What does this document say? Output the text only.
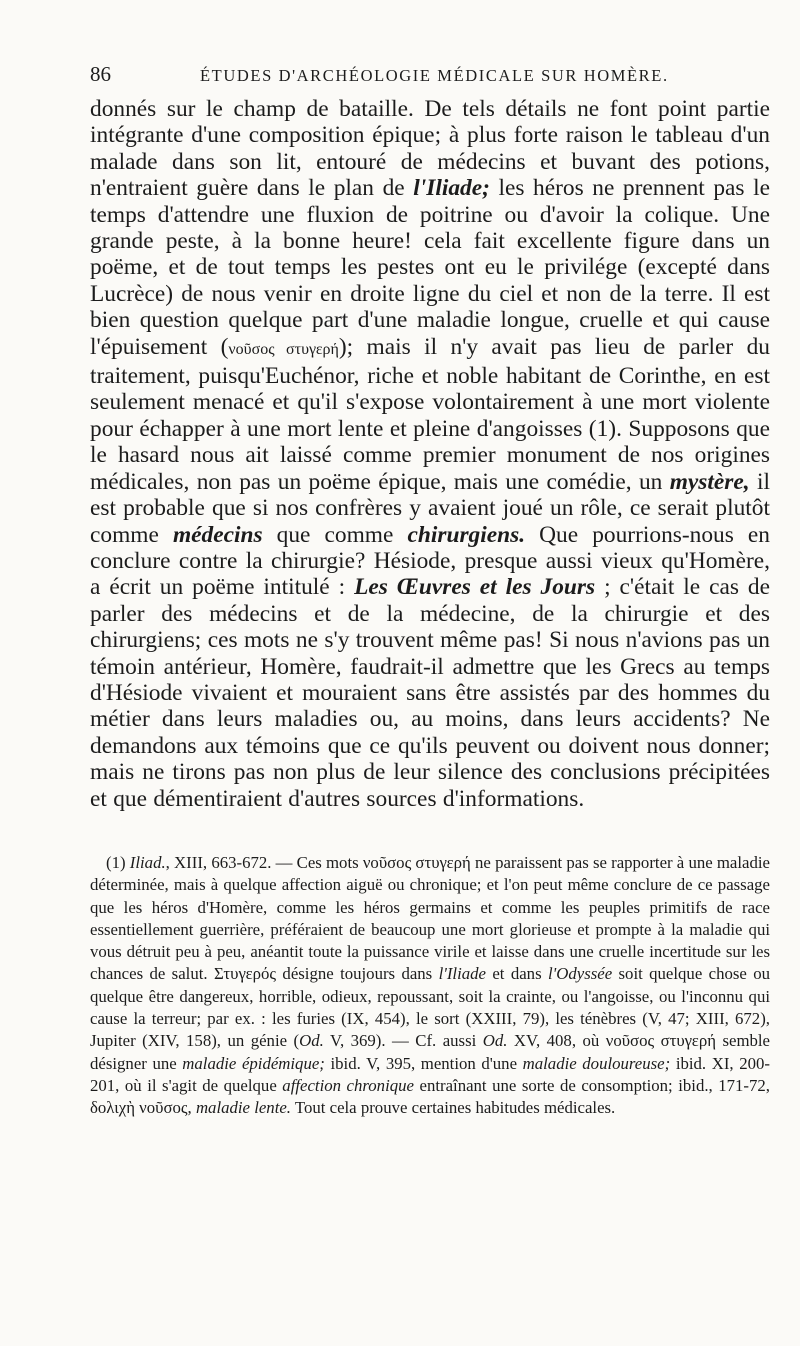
86	ÉTUDES D'ARCHÉOLOGIE MÉDICALE SUR HOMÈRE.

donnés sur le champ de bataille. De tels détails ne font point partie intégrante d'une composition épique; à plus forte raison le tableau d'un malade dans son lit, entouré de médecins et buvant des potions, n'entraient guère dans le plan de l'Iliade; les héros ne prennent pas le temps d'attendre une fluxion de poitrine ou d'avoir la colique. Une grande peste, à la bonne heure! cela fait excellente figure dans un poëme, et de tout temps les pestes ont eu le privilége (excepté dans Lucrèce) de nous venir en droite ligne du ciel et non de la terre. Il est bien question quelque part d'une maladie longue, cruelle et qui cause l'épuisement (νοῦσος στυγερή); mais il n'y avait pas lieu de parler du traitement, puisqu'Euchénor, riche et noble habitant de Corinthe, en est seulement menacé et qu'il s'expose volontairement à une mort violente pour échapper à une mort lente et pleine d'angoisses (1). Supposons que le hasard nous ait laissé comme premier monument de nos origines médicales, non pas un poëme épique, mais une comédie, un mystère, il est probable que si nos confrères y avaient joué un rôle, ce serait plutôt comme médecins que comme chirurgiens. Que pourrions-nous en conclure contre la chirurgie? Hésiode, presque aussi vieux qu'Homère, a écrit un poëme intitulé : Les Œuvres et les Jours ; c'était le cas de parler des médecins et de la médecine, de la chirurgie et des chirurgiens; ces mots ne s'y trouvent même pas! Si nous n'avions pas un témoin antérieur, Homère, faudrait-il admettre que les Grecs au temps d'Hésiode vivaient et mouraient sans être assistés par des hommes du métier dans leurs maladies ou, au moins, dans leurs accidents? Ne demandons aux témoins que ce qu'ils peuvent ou doivent nous donner; mais ne tirons pas non plus de leur silence des conclusions précipitées et que démentiraient d'autres sources d'informations.

(1) Iliad., XIII, 663-672. — Ces mots νοῦσος στυγερή ne paraissent pas se rapporter à une maladie déterminée, mais à quelque affection aiguë ou chronique; et l'on peut même conclure de ce passage que les héros d'Homère, comme les héros germains et comme les peuples primitifs de race essentiellement guerrière, préféraient de beaucoup une mort glorieuse et prompte à la maladie qui vous détruit peu à peu, anéantit toute la puissance virile et laisse dans une cruelle incertitude sur les chances de salut. Στυγερός désigne toujours dans l'Iliade et dans l'Odyssée soit quelque chose ou quelque être dangereux, horrible, odieux, repoussant, soit la crainte, ou l'angoisse, ou l'inconnu qui cause la terreur; par ex. : les furies (IX, 454), le sort (XXIII, 79), les ténèbres (V, 47; XIII, 672), Jupiter (XIV, 158), un génie (Od. V, 369). — Cf. aussi Od. XV, 408, où νοῦσος στυγερή semble désigner une maladie épidémique; ibid. V, 395, mention d'une maladie douloureuse; ibid. XI, 200-201, où il s'agit de quelque affection chronique entraînant une sorte de consomption; ibid., 171-72, δολιχὴ νοῦσος, maladie lente. Tout cela prouve certaines habitudes médicales.
